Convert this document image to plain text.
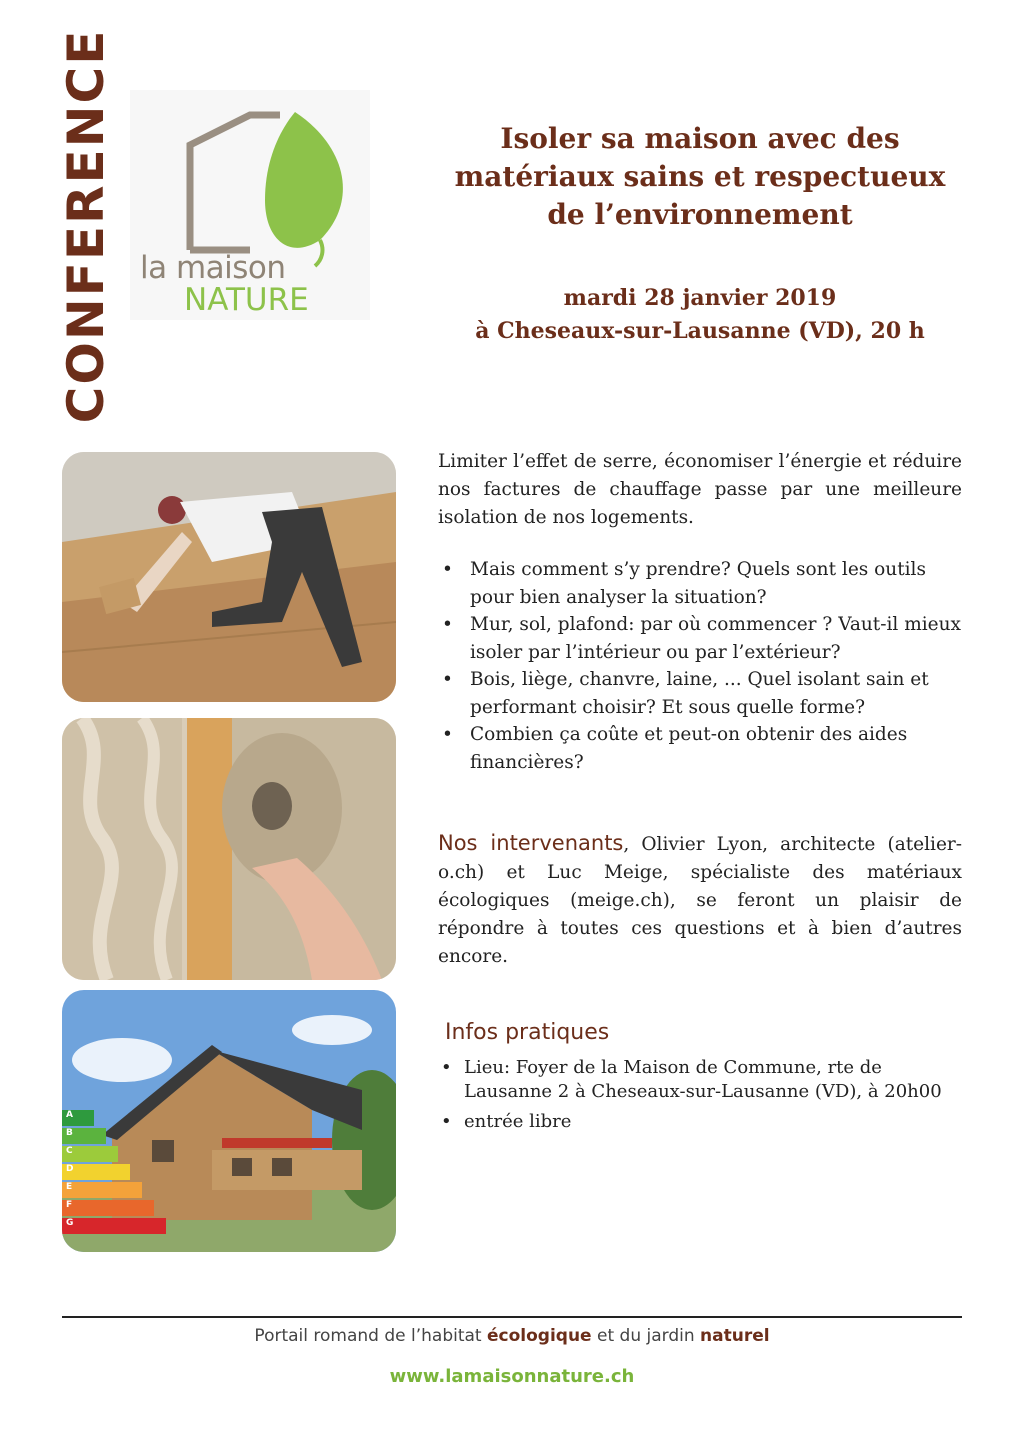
CONFERENCE la maison
NATURE
Isoler sa maison avec des
matériaux sains et respectueux
de l’environnement
mardi 28 janvier 2019
à Cheseaux-sur-Lausanne (VD), 20 h
A
B
C
D
E
F
G
Limiter l’effet de serre, économiser l’énergie et réduire nos factures de chauffage passe par une meilleure isolation de nos logements.
• Mais comment s’y prendre? Quels sont les outils pour bien analyser la situation?
• Mur, sol, plafond: par où commencer ? Vaut-il mieux isoler par l’intérieur ou par l’extérieur?
• Bois, liège, chanvre, laine, ... Quel isolant sain et performant choisir? Et sous quelle forme?
• Combien ça coûte et peut-on obtenir des aides financières?
Nos intervenants, Olivier Lyon, architecte (atelier-o.ch) et Luc Meige, spécialiste des matériaux écologiques (meige.ch), se feront un plaisir de répondre à toutes ces questions et à bien d’autres encore.
Infos pratiques
• Lieu: Foyer de la Maison de Commune, rte de Lausanne 2 à Cheseaux-sur-Lausanne (VD), à 20h00
• entrée libre
Portail romand de l’habitat écologique et du jardin naturel
www.lamaisonnature.ch
